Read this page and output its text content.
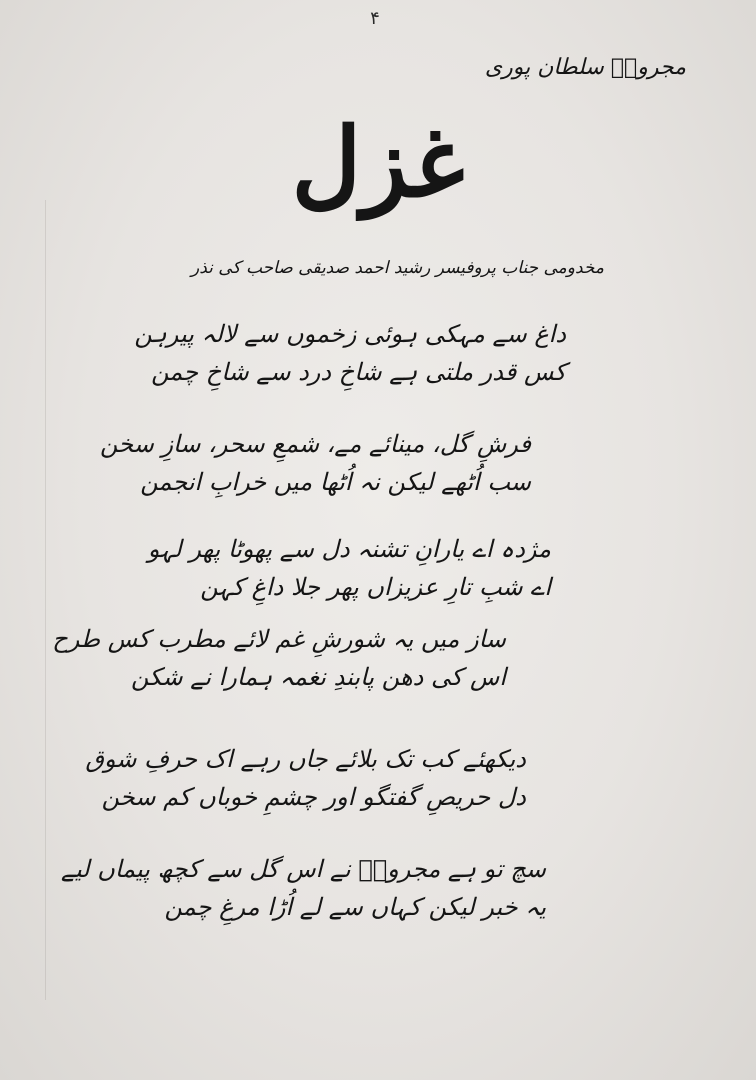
۴
مجروحؔ سلطان پوری
غزل
مخدومی جناب پروفیسر رشید احمد صدیقی صاحب کی نذر
داغ سے مہکی ہوئی زخموں سے لالہ پیرہن
کس قدر ملتی ہے شاخِ درد سے شاخِ چمن
فرشِ گل، مینائے مے، شمعِ سحر، سازِ سخن
سب اُٹھے لیکن نہ اُٹھا میں خرابِ انجمن
مژدہ اے یارانِ تشنہ دل سے پھوٹا پھر لہو
اے شبِ تارِ عزیزاں پھر جلا داغِ کہن
ساز میں یہ شورشِ غم لائے مطرب کس طرح
اس کی دھن پابندِ نغمہ ہمارا نے شکن
دیکھئے کب تک بلائے جاں رہے اک حرفِ شوق
دل حریصِ گفتگو اور چشمِ خوباں کم سخن
سچ تو ہے مجروحؔ نے اس گل سے کچھ پیماں لیے
یہ خبر لیکن کہاں سے لے اُڑا مرغِ چمن
